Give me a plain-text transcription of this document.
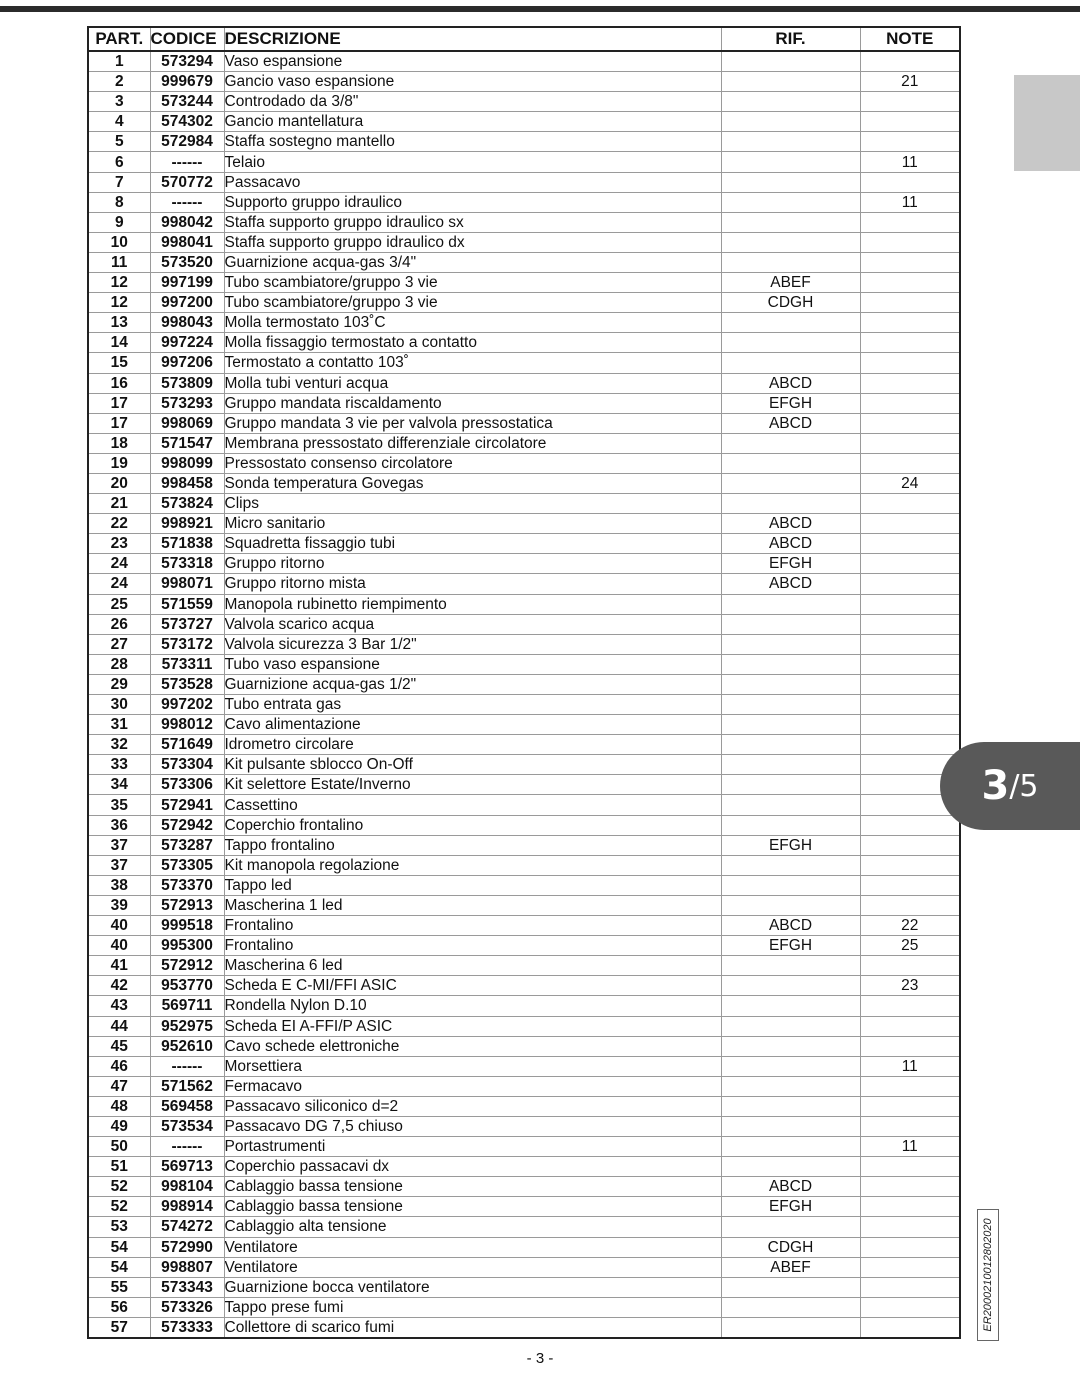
PART.	CODICE	DESCRIZIONE	RIF.	NOTE
1	573294	Vaso espansione		
2	999679	Gancio vaso espansione		21
3	573244	Controdado da 3/8"		
4	574302	Gancio mantellatura		
5	572984	Staffa sostegno mantello		
6	------	Telaio		11
7	570772	Passacavo		
8	------	Supporto gruppo idraulico		11
9	998042	Staffa supporto gruppo idraulico sx		
10	998041	Staffa supporto gruppo idraulico dx		
11	573520	Guarnizione acqua-gas 3/4"		
12	997199	Tubo scambiatore/gruppo 3 vie	ABEF	
12	997200	Tubo scambiatore/gruppo 3 vie	CDGH	
13	998043	Molla termostato 103˚C		
14	997224	Molla fissaggio termostato a contatto		
15	997206	Termostato a contatto 103˚		
16	573809	Molla tubi venturi acqua	ABCD	
17	573293	Gruppo mandata riscaldamento	EFGH	
17	998069	Gruppo mandata 3 vie per valvola pressostatica	ABCD	
18	571547	Membrana pressostato differenziale circolatore		
19	998099	Pressostato consenso circolatore		
20	998458	Sonda temperatura Govegas		24
21	573824	Clips		
22	998921	Micro sanitario	ABCD	
23	571838	Squadretta fissaggio tubi	ABCD	
24	573318	Gruppo ritorno	EFGH	
24	998071	Gruppo ritorno mista	ABCD	
25	571559	Manopola rubinetto riempimento		
26	573727	Valvola scarico acqua		
27	573172	Valvola sicurezza 3 Bar 1/2"		
28	573311	Tubo vaso espansione		
29	573528	Guarnizione acqua-gas 1/2"		
30	997202	Tubo entrata gas		
31	998012	Cavo alimentazione		
32	571649	Idrometro circolare		
33	573304	Kit pulsante sblocco On-Off		
34	573306	Kit selettore Estate/Inverno		
35	572941	Cassettino		
36	572942	Coperchio frontalino		
37	573287	Tappo frontalino	EFGH	
37	573305	Kit manopola regolazione		
38	573370	Tappo led		
39	572913	Mascherina 1 led		
40	999518	Frontalino	ABCD	22
40	995300	Frontalino	EFGH	25
41	572912	Mascherina 6 led		
42	953770	Scheda E C-MI/FFI ASIC		23
43	569711	Rondella Nylon D.10		
44	952975	Scheda EI A-FFI/P ASIC		
45	952610	Cavo schede elettroniche		
46	------	Morsettiera		11
47	571562	Fermacavo		
48	569458	Passacavo siliconico d=2		
49	573534	Passacavo DG 7,5 chiuso		
50	------	Portastrumenti		11
51	569713	Coperchio passacavi dx		
52	998104	Cablaggio bassa tensione	ABCD	
52	998914	Cablaggio bassa tensione	EFGH	
53	574272	Cablaggio alta tensione		
54	572990	Ventilatore	CDGH	
54	998807	Ventilatore	ABEF	
55	573343	Guarnizione bocca ventilatore		
56	573326	Tappo prese fumi		
57	573333	Collettore di scarico fumi		
3 / 5
ER2000210012802020
- 3 -
